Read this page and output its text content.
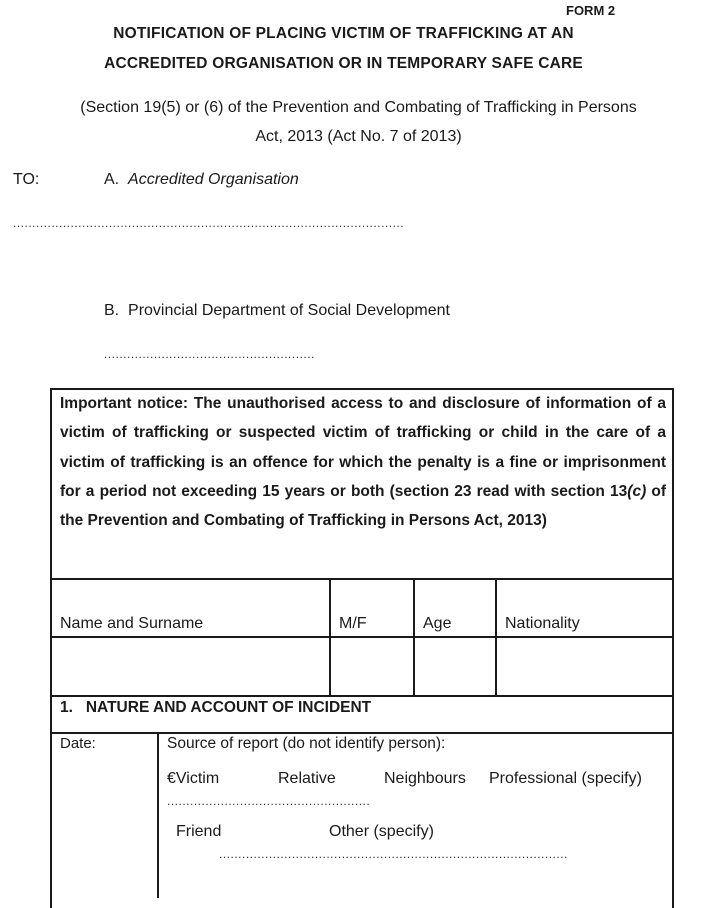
FORM 2
NOTIFICATION OF PLACING VICTIM OF TRAFFICKING AT AN
ACCREDITED ORGANISATION OR IN TEMPORARY SAFE CARE
(Section 19(5) or (6) of the Prevention and Combating of Trafficking in Persons
Act, 2013 (Act No. 7 of 2013)
TO:	A. Accredited Organisation
......................................................................................................
B. Provincial Department of Social Development
.......................................................
Important notice: The unauthorised access to and disclosure of information of a victim of trafficking or suspected victim of trafficking or child in the care of a victim of trafficking is an offence for which the penalty is a fine or imprisonment for a period not exceeding 15 years or both (section 23 read with section 13(c) of the Prevention and Combating of Trafficking in Persons Act, 2013)
Name and Surname	M/F	Age	Nationality
1.   NATURE AND ACCOUNT OF INCIDENT
Date:	Source of report (do not identify person):
€Victim	Relative	Neighbours Professional (specify)
.....................................................
Friend	Other (specify)
...........................................................................................
